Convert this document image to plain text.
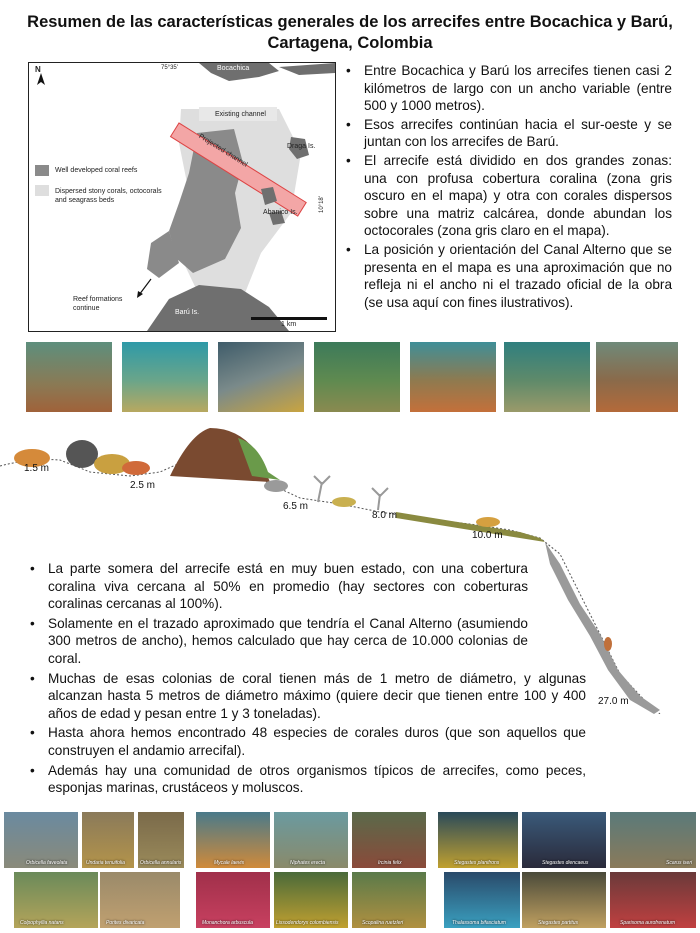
Resumen de las características generales de los arrecifes entre Bocachica y Barú, Cartagena, Colombia
N	75°35'
10°18'
Bocachica
Existing channel
Projected channel	Draga Is.
Abanico Is.
Well developed coral reefs
Dispersed stony corals, octocorals and seagrass beds
Reef formations continue
Barú Is.
1 km
• Entre Bocachica y Barú los arrecifes tienen casi 2 kilómetros de largo con un ancho variable (entre 500 y 1000 metros).
• Esos arrecifes continúan hacia el sur-oeste y se juntan con los arrecifes de Barú.
• El arrecife está dividido en dos grandes zonas: una con profusa cobertura coralina (zona gris oscuro en el mapa) y otra con corales dispersos sobre una matriz calcárea, donde abundan los octocorales (zona gris claro en el mapa).
• La posición y orientación del Canal Alterno que se presenta en el mapa es una aproximación que no refleja ni el ancho ni el trazado oficial de la obra (se usa aquí con fines ilustrativos).
1.5 m
2.5 m
6.5 m
8.0 m
10.0 m
27.0 m
• La parte somera del arrecife está en muy buen estado, con una cobertura coralina viva cercana al 50% en promedio (hay sectores con coberturas coralinas cercanas al 100%).
• Solamente en el trazado aproximado que tendría el Canal Alterno (asumiendo 300 metros de ancho), hemos calculado que hay cerca de 10.000 colonias de coral.
• Muchas de esas colonias de coral tienen más de 1 metro de diámetro, y algunas alcanzan hasta 5 metros de diámetro máximo (quiere decir que tienen entre 100 y 400 años de edad y pesan entre 1 y 3 toneladas).
• Hasta ahora hemos encontrado 48 especies de corales duros (que son aquellos que construyen el andamio arrecifal).
• Además hay una comunidad de otros organismos típicos de arrecifes, como peces, esponjas marinas, crustáceos y moluscos.
Orbicella faveolata	Undaria tenuifolia	Orbicella annularis
Colpophyllia natans	Porites divaricata
Mycale laevis	Niphates erecta	Ircinia felix
Monanchora arbuscula	Lissodendoryx colombiensis	Scopalina ruetzleri
Stegastes planifrons	Stegastes diencaeus	Scarus iseri
Thalassoma bifasciatum	Stegastes partitus	Sparisoma aurofrenatum
